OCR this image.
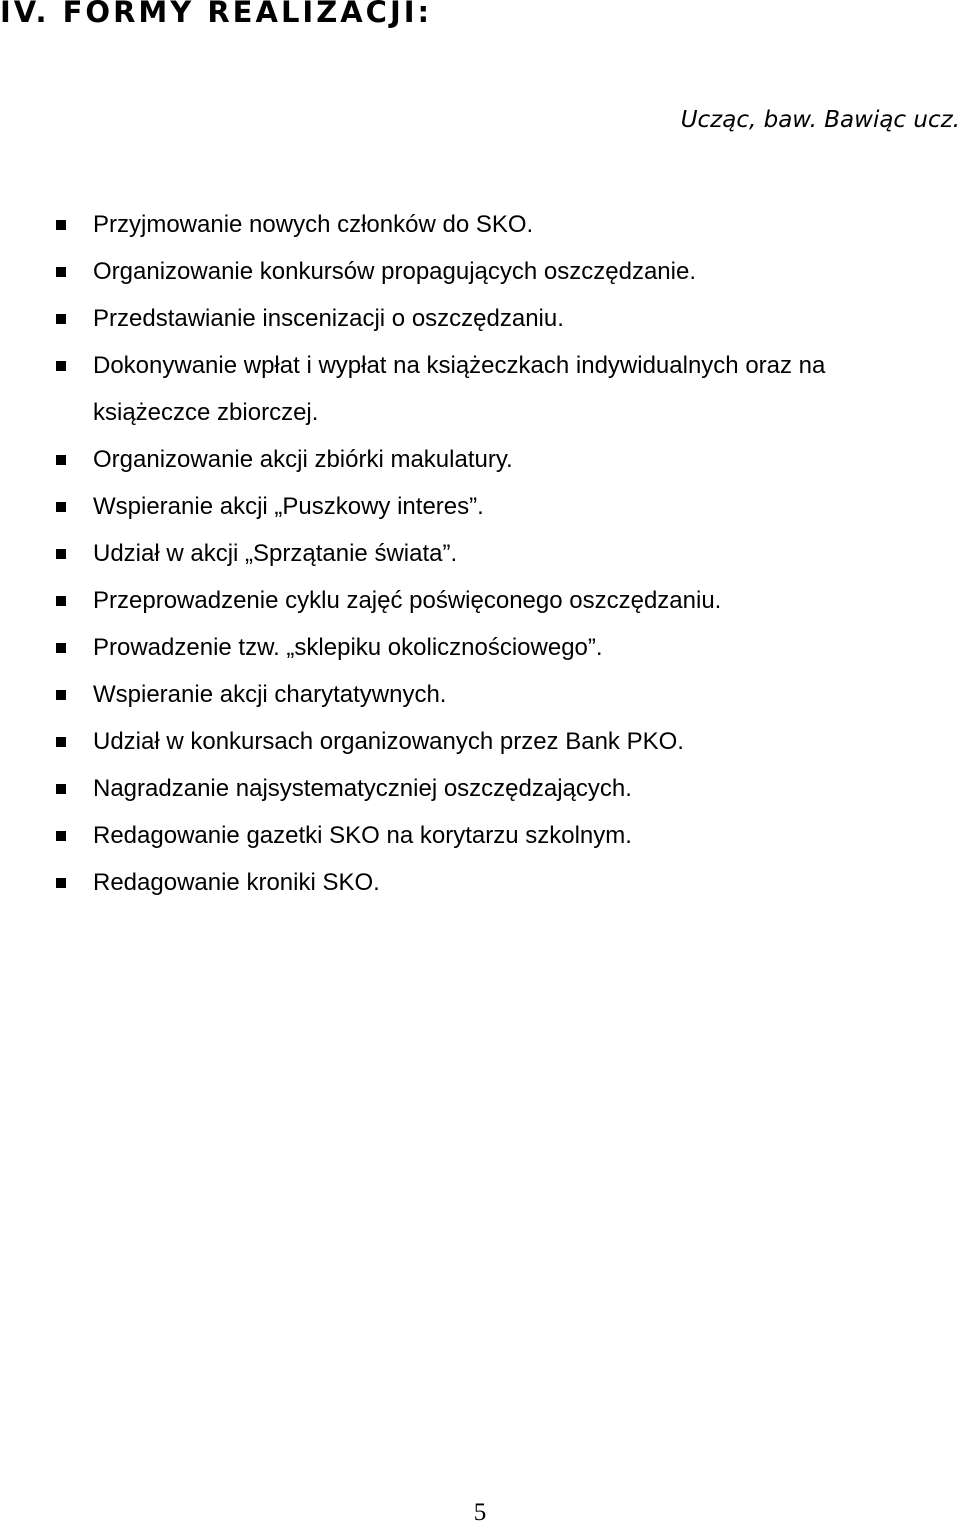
IV. FORMY REALIZACJI:

Ucząc, baw. Bawiąc ucz.

Przyjmowanie nowych członków do SKO.
Organizowanie konkursów propagujących oszczędzanie.
Przedstawianie inscenizacji o oszczędzaniu.
Dokonywanie wpłat i wypłat na książeczkach indywidualnych oraz na książeczce zbiorczej.
Organizowanie akcji zbiórki makulatury.
Wspieranie akcji „Puszkowy interes”.
Udział w akcji „Sprzątanie świata”.
Przeprowadzenie cyklu zajęć poświęconego oszczędzaniu.
Prowadzenie tzw. „sklepiku okolicznościowego”.
Wspieranie akcji charytatywnych.
Udział w konkursach organizowanych przez Bank PKO.
Nagradzanie najsystematyczniej oszczędzających.
Redagowanie gazetki SKO na korytarzu szkolnym.
Redagowanie kroniki SKO.

5
